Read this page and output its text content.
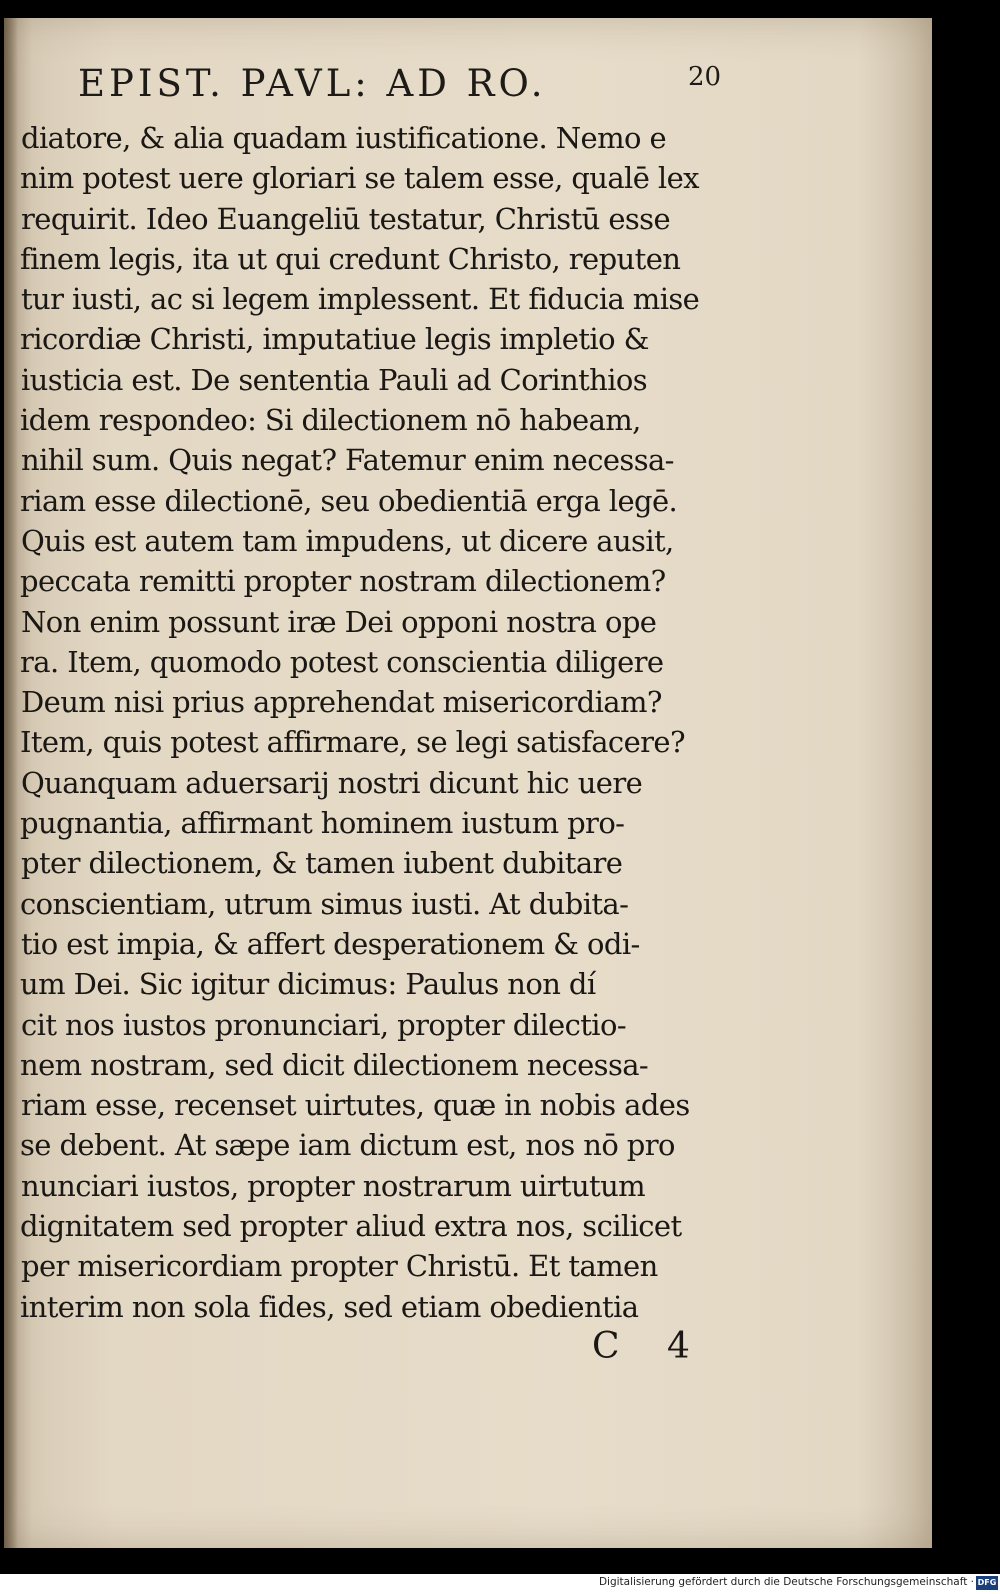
EPIST. PAVL: AD RO.	20
diatore, & alia quadam iustificatione. Nemo e
nim potest uere gloriari se talem esse, qualē lex
requirit. Ideo Euangeliū testatur, Christū esse
finem legis, ita ut qui credunt Christo, reputen
tur iusti, ac si legem implessent. Et fiducia mise
ricordiæ Christi, imputatiue legis impletio &
iusticia est. De sententia Pauli ad Corinthios
idem respondeo: Si dilectionem nō habeam,
nihil sum. Quis negat? Fatemur enim necessa-
riam esse dilectionē, seu obedientiā erga legē.
Quis est autem tam impudens, ut dicere ausit,
peccata remitti propter nostram dilectionem?
Non enim possunt iræ Dei opponi nostra ope
ra. Item, quomodo potest conscientia diligere
Deum nisi prius apprehendat misericordiam?
Item, quis potest affirmare, se legi satisfacere?
Quanquam aduersarij nostri dicunt hic uere
pugnantia, affirmant hominem iustum pro-
pter dilectionem, & tamen iubent dubitare
conscientiam, utrum simus iusti. At dubita-
tio est impia, & affert desperationem & odi-
um Dei. Sic igitur dicimus: Paulus non dí
cit nos iustos pronunciari, propter dilectio-
nem nostram, sed dicit dilectionem necessa-
riam esse, recenset uirtutes, quæ in nobis ades
se debent. At sæpe iam dictum est, nos nō pro
nunciari iustos, propter nostrarum uirtutum
dignitatem sed propter aliud extra nos, scilicet
per misericordiam propter Christū. Et tamen
interim non sola fides, sed etiam obedientia
C 4
Digitalisierung gefördert durch die Deutsche Forschungsgemeinschaft · DFG
